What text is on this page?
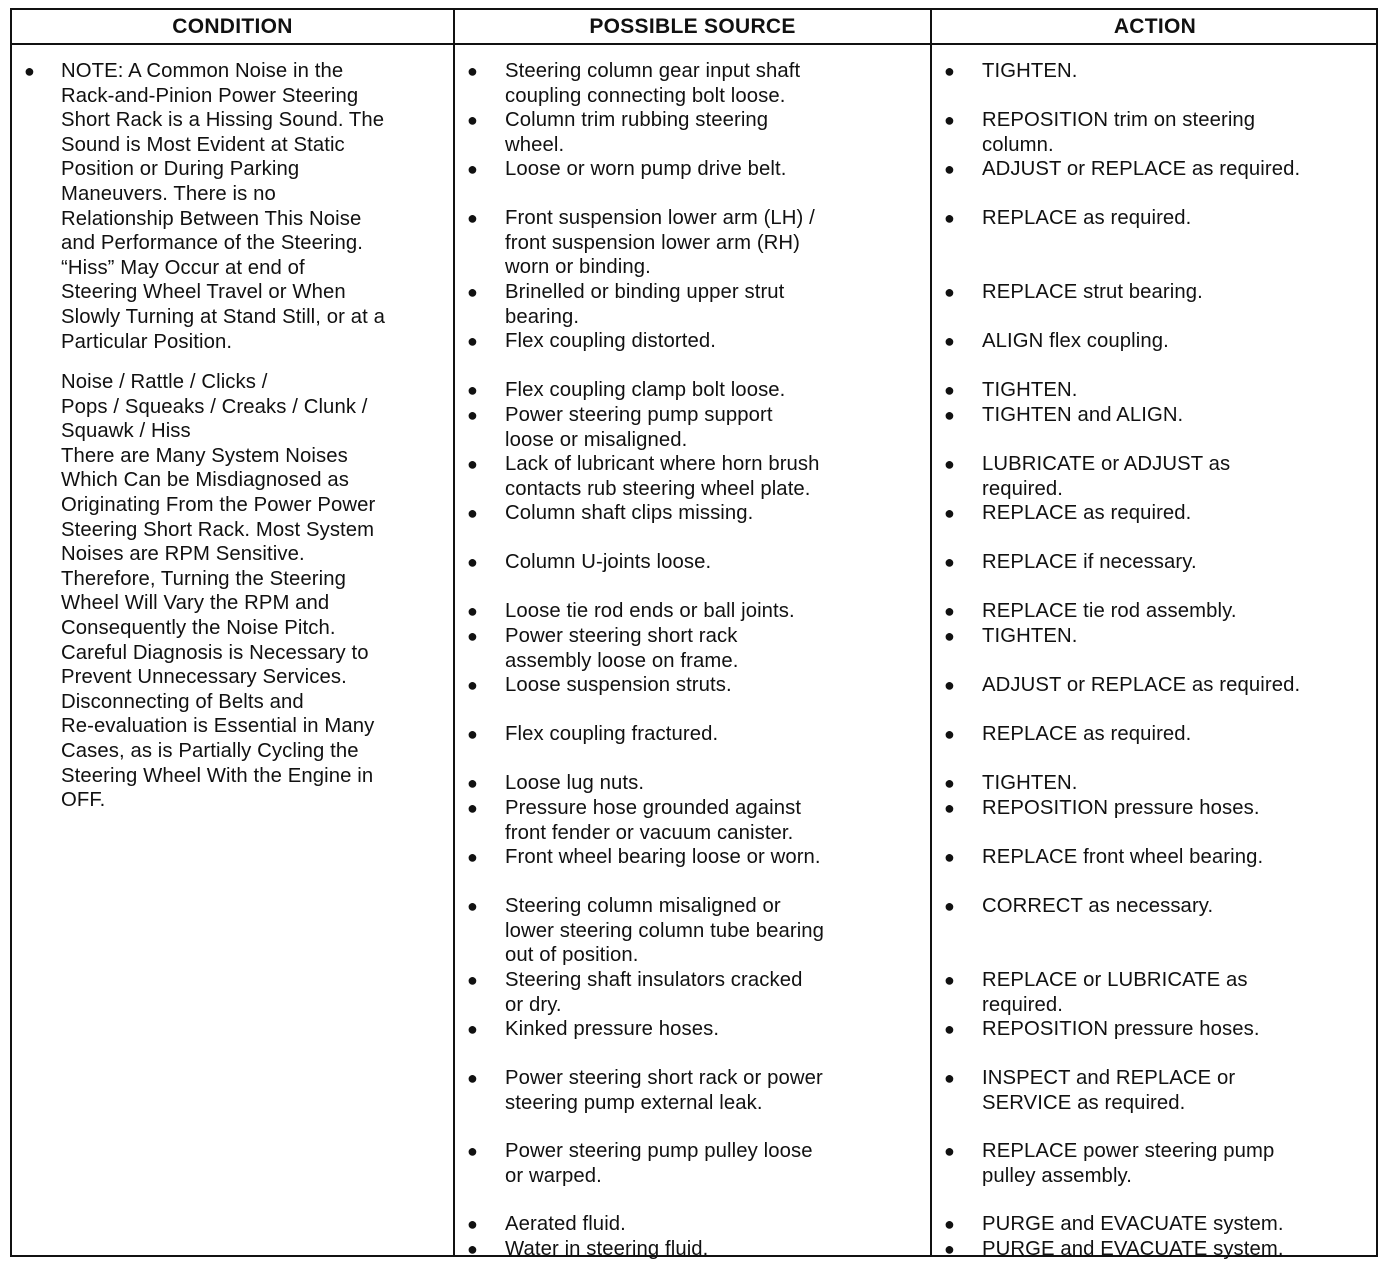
CONDITION	POSSIBLE SOURCE	ACTION
● NOTE: A Common Noise in the
Rack-and-Pinion Power Steering
Short Rack is a Hissing Sound. The
Sound is Most Evident at Static
Position or During Parking
Maneuvers. There is no
Relationship Between This Noise
and Performance of the Steering.
“Hiss” May Occur at end of
Steering Wheel Travel or When
Slowly Turning at Stand Still, or at a
Particular Position.
Noise / Rattle / Clicks /
Pops / Squeaks / Creaks / Clunk /
Squawk / Hiss
There are Many System Noises
Which Can be Misdiagnosed as
Originating From the Power Power
Steering Short Rack. Most System
Noises are RPM Sensitive.
Therefore, Turning the Steering
Wheel Will Vary the RPM and
Consequently the Noise Pitch.
Careful Diagnosis is Necessary to
Prevent Unnecessary Services.
Disconnecting of Belts and
Re-evaluation is Essential in Many
Cases, as is Partially Cycling the
Steering Wheel With the Engine in
OFF.
● Steering column gear input shaft
coupling connecting bolt loose.
● Column trim rubbing steering
wheel.
● Loose or worn pump drive belt.
● Front suspension lower arm (LH) /
front suspension lower arm (RH)
worn or binding.
● Brinelled or binding upper strut
bearing.
● Flex coupling distorted.
● Flex coupling clamp bolt loose.
● Power steering pump support
loose or misaligned.
● Lack of lubricant where horn brush
contacts rub steering wheel plate.
● Column shaft clips missing.
● Column U-joints loose.
● Loose tie rod ends or ball joints.
● Power steering short rack
assembly loose on frame.
● Loose suspension struts.
● Flex coupling fractured.
● Loose lug nuts.
● Pressure hose grounded against
front fender or vacuum canister.
● Front wheel bearing loose or worn.
● Steering column misaligned or
lower steering column tube bearing
out of position.
● Steering shaft insulators cracked
or dry.
● Kinked pressure hoses.
● Power steering short rack or power
steering pump external leak.
● Power steering pump pulley loose
or warped.
● Aerated fluid.
● Water in steering fluid.
● TIGHTEN.
● REPOSITION trim on steering
column.
● ADJUST or REPLACE as required.
● REPLACE as required.
● REPLACE strut bearing.
● ALIGN flex coupling.
● TIGHTEN.
● TIGHTEN and ALIGN.
● LUBRICATE or ADJUST as
required.
● REPLACE as required.
● REPLACE if necessary.
● REPLACE tie rod assembly.
● TIGHTEN.
● ADJUST or REPLACE as required.
● REPLACE as required.
● TIGHTEN.
● REPOSITION pressure hoses.
● REPLACE front wheel bearing.
● CORRECT as necessary.
● REPLACE or LUBRICATE as
required.
● REPOSITION pressure hoses.
● INSPECT and REPLACE or
SERVICE as required.
● REPLACE power steering pump
pulley assembly.
● PURGE and EVACUATE system.
● PURGE and EVACUATE system.
